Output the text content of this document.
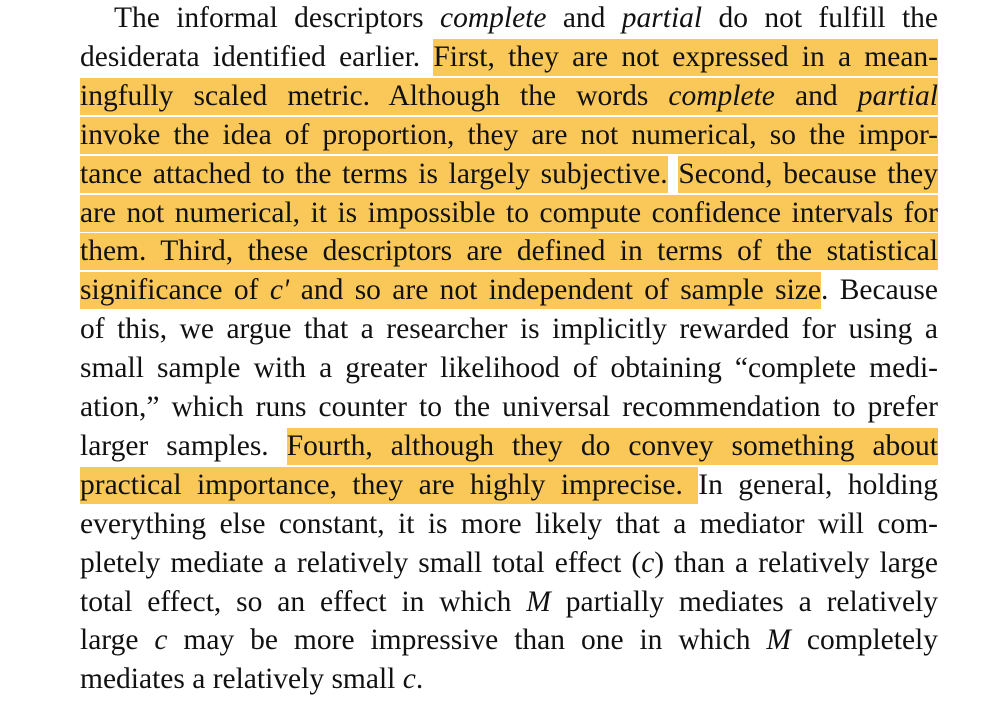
The informal descriptors complete and partial do not fulfill the
desiderata identified earlier. First, they are not expressed in a mean-
ingfully scaled metric. Although the words complete and partial
invoke the idea of proportion, they are not numerical, so the impor-
tance attached to the terms is largely subjective. Second, because they
are not numerical, it is impossible to compute confidence intervals for
them. Third, these descriptors are defined in terms of the statistical
significance of c′ and so are not independent of sample size. Because
of this, we argue that a researcher is implicitly rewarded for using a
small sample with a greater likelihood of obtaining “complete medi-
ation,” which runs counter to the universal recommendation to prefer
larger samples. Fourth, although they do convey something about
practical importance, they are highly imprecise. In general, holding
everything else constant, it is more likely that a mediator will com-
pletely mediate a relatively small total effect (c) than a relatively large
total effect, so an effect in which M partially mediates a relatively
large c may be more impressive than one in which M completely
mediates a relatively small c.
